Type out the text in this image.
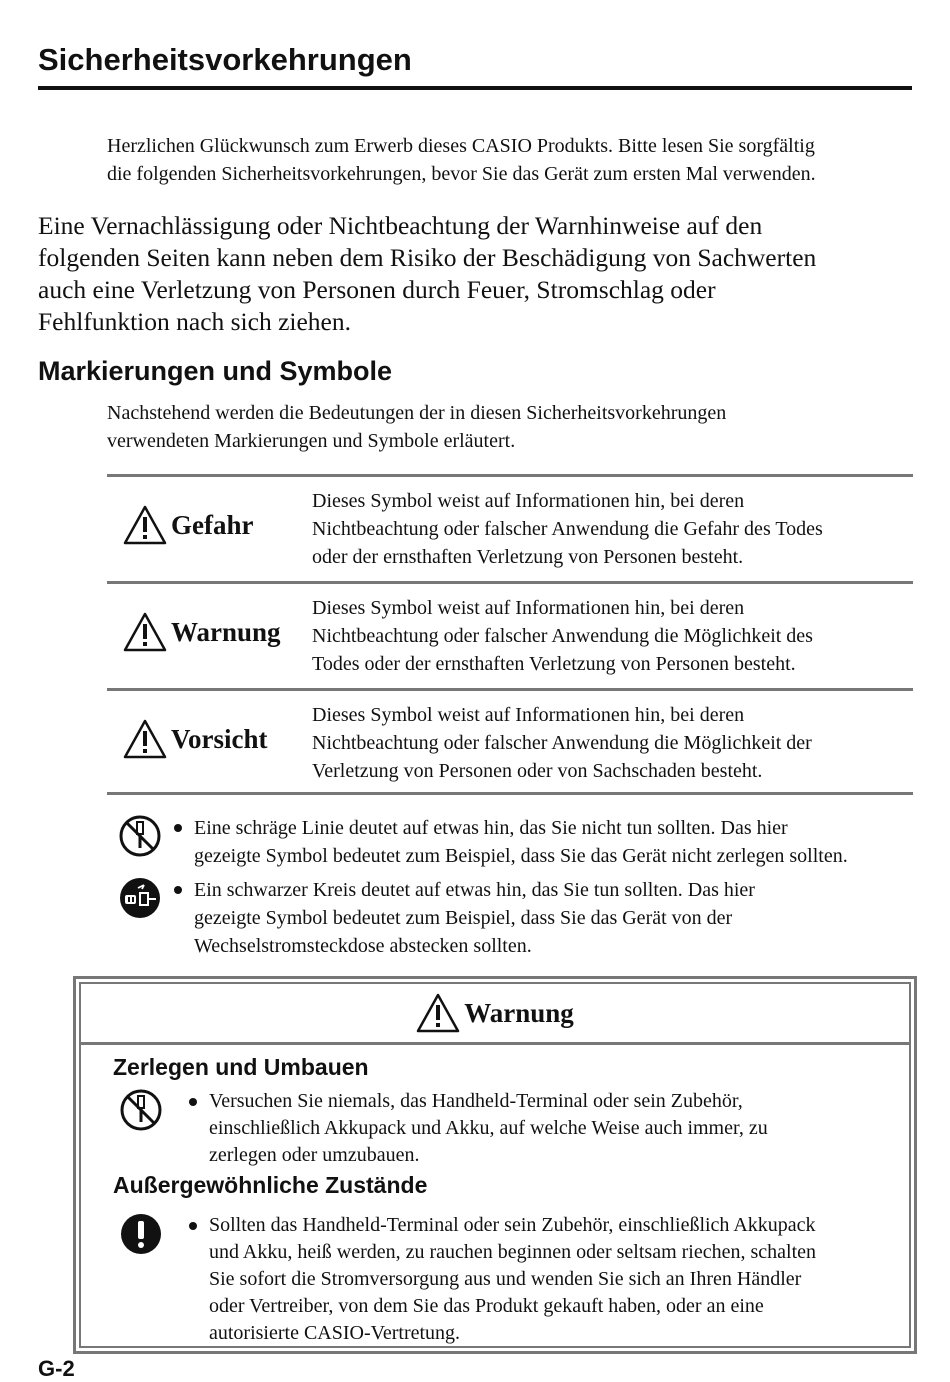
Sicherheitsvorkehrungen
Herzlichen Glückwunsch zum Erwerb dieses CASIO Produkts. Bitte lesen Sie sorgfältig
die folgenden Sicherheitsvorkehrungen, bevor Sie das Gerät zum ersten Mal verwenden.
Eine Vernachlässigung oder Nichtbeachtung der Warnhinweise auf den
folgenden Seiten kann neben dem Risiko der Beschädigung von Sachwerten
auch eine Verletzung von Personen durch Feuer, Stromschlag oder
Fehlfunktion nach sich ziehen.
Markierungen und Symbole
Nachstehend werden die Bedeutungen der in diesen Sicherheitsvorkehrungen
verwendeten Markierungen und Symbole erläutert.
Gefahr
Dieses Symbol weist auf Informationen hin, bei deren
Nichtbeachtung oder falscher Anwendung die Gefahr des Todes
oder der ernsthaften Verletzung von Personen besteht.
Warnung
Dieses Symbol weist auf Informationen hin, bei deren
Nichtbeachtung oder falscher Anwendung die Möglichkeit des
Todes oder der ernsthaften Verletzung von Personen besteht.
Vorsicht
Dieses Symbol weist auf Informationen hin, bei deren
Nichtbeachtung oder falscher Anwendung die Möglichkeit der
Verletzung von Personen oder von Sachschaden besteht.
Eine schräge Linie deutet auf etwas hin, das Sie nicht tun sollten. Das hier
gezeigte Symbol bedeutet zum Beispiel, dass Sie das Gerät nicht zerlegen sollten.
Ein schwarzer Kreis deutet auf etwas hin, das Sie tun sollten. Das hier
gezeigte Symbol bedeutet zum Beispiel, dass Sie das Gerät von der
Wechselstromsteckdose abstecken sollten.
Warnung
Zerlegen und Umbauen
Versuchen Sie niemals, das Handheld-Terminal oder sein Zubehör,
einschließlich Akkupack und Akku, auf welche Weise auch immer, zu
zerlegen oder umzubauen.
Außergewöhnliche Zustände
Sollten das Handheld-Terminal oder sein Zubehör, einschließlich Akkupack
und Akku, heiß werden, zu rauchen beginnen oder seltsam riechen, schalten
Sie sofort die Stromversorgung aus und wenden Sie sich an Ihren Händler
oder Vertreiber, von dem Sie das Produkt gekauft haben, oder an eine
autorisierte CASIO-Vertretung.
G-2
